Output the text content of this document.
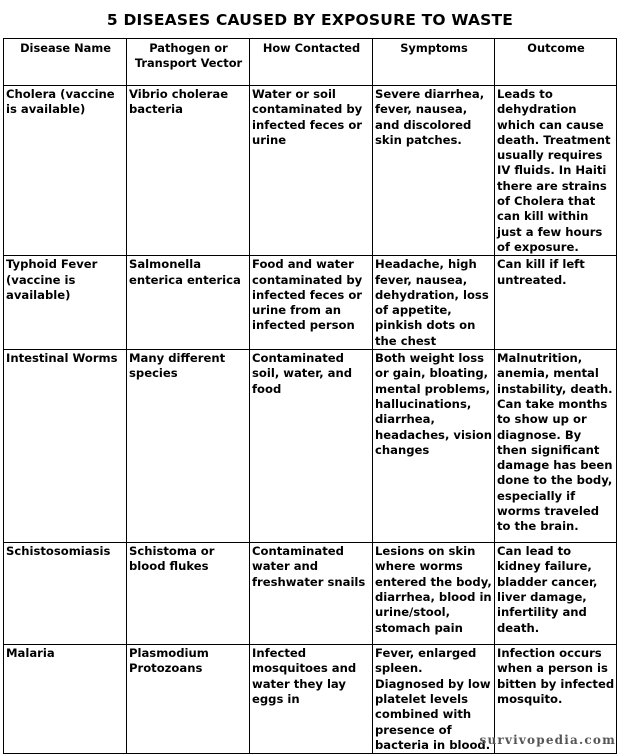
5 DISEASES CAUSED BY EXPOSURE TO WASTE
Disease Name	Pathogen or Transport Vector	How Contacted	Symptoms	Outcome
Cholera (vaccine is available)	Vibrio cholerae bacteria	Water or soil contaminated by infected feces or urine	Severe diarrhea, fever, nausea, and discolored skin patches.	Leads to dehydration which can cause death. Treatment usually requires IV fluids. In Haiti there are strains of Cholera that can kill within just a few hours of exposure.
Typhoid Fever (vaccine is available)	Salmonella enterica enterica	Food and water contaminated by infected feces or urine from an infected person	Headache, high fever, nausea, dehydration, loss of appetite, pinkish dots on the chest	Can kill if left untreated.
Intestinal Worms	Many different species	Contaminated soil, water, and food	Both weight loss or gain, bloating, mental problems, hallucinations, diarrhea, headaches, vision changes	Malnutrition, anemia, mental instability, death. Can take months to show up or diagnose. By then significant damage has been done to the body, especially if worms traveled to the brain.
Schistosomiasis	Schistoma or blood flukes	Contaminated water and freshwater snails	Lesions on skin where worms entered the body, diarrhea, blood in urine/stool, stomach pain	Can lead to kidney failure, bladder cancer, liver damage, infertility and death.
Malaria	Plasmodium Protozoans	Infected mosquitoes and water they lay eggs in	Fever, enlarged spleen. Diagnosed by low platelet levels combined with presence of bacteria in blood.	Infection occurs when a person is bitten by infected mosquito.
survivopedia.com
